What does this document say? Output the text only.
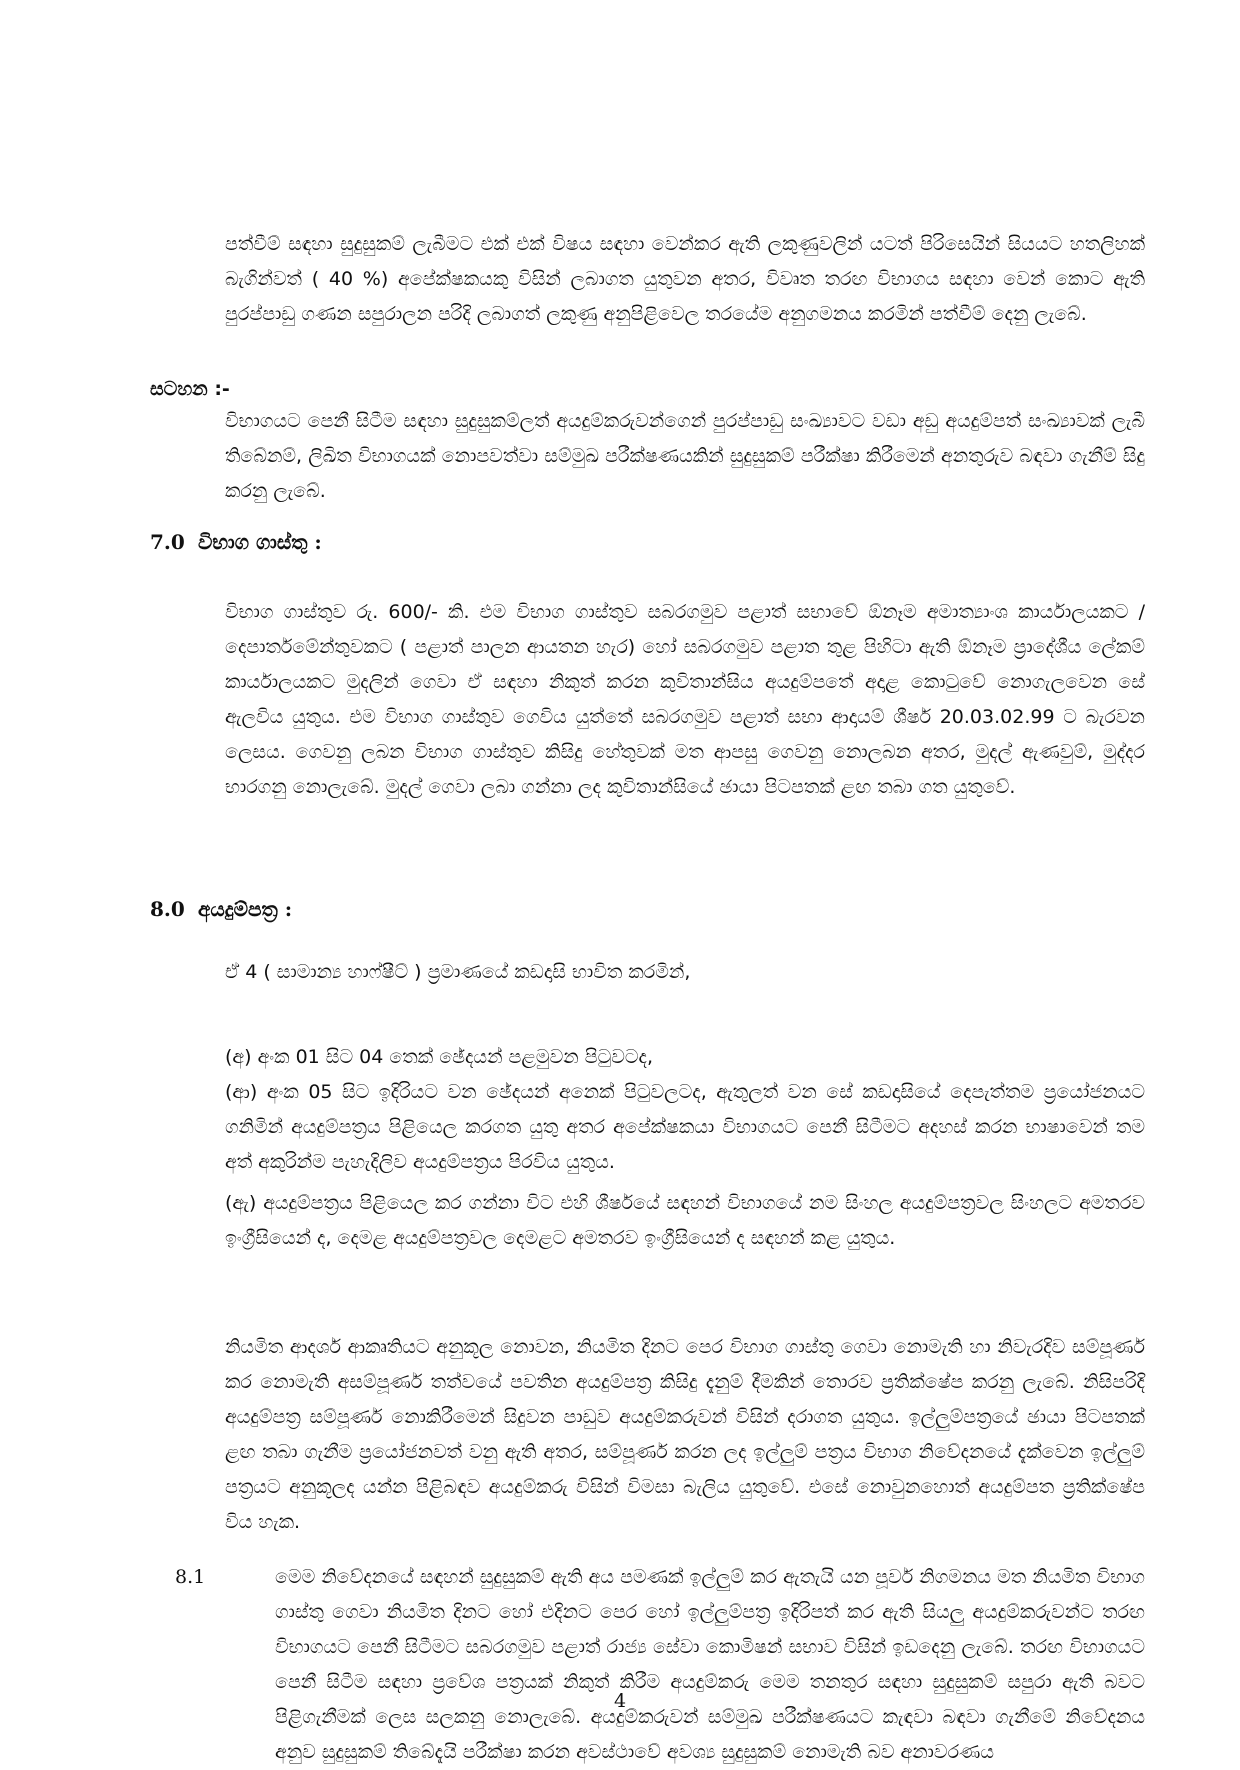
පත්වීම් සඳහා සුදුසුකම් ලැබීමට එක් එක් විෂය සඳහා වෙන්කර ඇති ලකුණුවලින් යටත් පිරිසෙයින් සියයට හතලිහක් බැගින්වත් ( 40 %) අපේක්ෂකයකු විසින් ලබාගත යුතුවන අතර, විවෘත තරඟ විභාගය සඳහා වෙන් කොට ඇති පුරප්පාඩු ගණන සපුරාලන පරිදි ලබාගත් ලකුණු අනුපිළිවෙල තරයේම අනුගමනය කරමින් පත්වීම් දෙනු ලැබේ.

සටහන :-

විභාගයට පෙනී සිටීම සඳහා සුදුසුකම්ලත් අයදුම්කරුවන්ගෙන් පුරප්පාඩු සංඛ්‍යාවට වඩා අඩු අයදුම්පත් සංඛ්‍යාවක් ලැබී තිබේනම්, ලිඛිත විභාගයක් නොපවත්වා සම්මුඛ පරීක්ෂණයකින් සුදුසුකම් පරීක්ෂා කිරීමෙන් අනතුරුව බඳවා ගැනීම් සිදු කරනු ලැබේ.

7.0 විභාග ගාස්තු :

විභාග ගාස්තුව රු. 600/- කි. එම විභාග ගාස්තුව සබරගමුව පළාත් සභාවේ ඕනෑම අමාත්‍යාංශ කාර්යාලයකට / දෙපාර්තමේන්තුවකට ( පළාත් පාලන ආයතන හැර) හෝ සබරගමුව පළාත තුළ පිහිටා ඇති ඕනෑම ප්‍රාදේශීය ලේකම් කාර්යාලයකට මුදලින් ගෙවා ඒ සඳහා නිකුත් කරන කුවිතාන්සිය අයදුම්පතේ අදාළ කොටුවේ නොගැලවෙන සේ ඇලවිය යුතුය. එම විභාග ගාස්තුව ගෙවිය යුත්තේ සබරගමුව පළාත් සභා ආදායම් ශීර්ෂ 20.03.02.99 ට බැරවන ලෙසය. ගෙවනු ලබන විභාග ගාස්තුව කිසිදු හේතුවක් මත ආපසු ගෙවනු නොලබන අතර, මුදල් ඇණවුම්, මුද්දර භාරගනු නොලැබේ. මුදල් ගෙවා ලබා ගන්නා ලද කුවිතාන්සියේ ඡායා පිටපතක් ළඟ තබා ගත යුතුවේ.

8.0 අයදුම්පත්‍ර :

ඒ 4 ( සාමාන්‍ය හාෆ්ෂීට් ) ප්‍රමාණයේ කඩදාසි භාවිත කරමින්,

(අ) අංක 01 සිට 04 තෙක් ඡේදයන් පළමුවන පිටුවටද,

(ආ) අංක 05 සිට ඉදිරියට වන ඡේදයන් අනෙක් පිටුවලටද, ඇතුලත් වන සේ කඩදාසියේ දෙපැත්තම ප්‍රයෝජනයට ගනිමින් අයදුම්පත්‍රය පිළියෙල කරගත යුතු අතර අපේක්ෂකයා විභාගයට පෙනී සිටීමට අදහස් කරන භාෂාවෙන් තම අත් අකුරින්ම පැහැදිලිව අයදුම්පත්‍රය පිරවිය යුතුය.

(ඇ) අයදුම්පත්‍රය පිළියෙල කර ගන්නා විට එහි ශීර්ෂයේ සඳහන් විභාගයේ නම සිංහල අයදුම්පත්‍රවල සිංහලට අමතරව ඉංග්‍රීසියෙන් ද, දෙමළ අයදුම්පත්‍රවල දෙමළට අමතරව ඉංග්‍රීසියෙන් ද සඳහන් කළ යුතුය.

නියමිත ආදර්ශ ආකෘතියට අනුකූල නොවන, නියමිත දිනට පෙර විභාග ගාස්තු ගෙවා නොමැති හා නිවැරදිව සම්පූර්ණ කර නොමැති අසම්පූර්ණ තත්වයේ පවතින අයදුම්පත්‍ර කිසිදු දැනුම් දීමකින් තොරව ප්‍රතික්ෂේප කරනු ලැබේ. නිසිපරිදි අයදුම්පත්‍ර සම්පූර්ණ නොකිරීමෙන් සිදුවන පාඩුව අයදුම්කරුවන් විසින් දරාගත යුතුය. ඉල්ලුම්පත්‍රයේ ඡායා පිටපතක් ළඟ තබා ගැනීම ප්‍රයෝජනවත් වනු ඇති අතර, සම්පූර්ණ කරන ලද ඉල්ලුම් පත්‍රය විභාග නිවේදනයේ දැක්වෙන ඉල්ලුම් පත්‍රයට අනුකූලද යන්න පිළිබඳව අයදුම්කරු විසින් විමසා බැලිය යුතුවේ. එසේ නොවුනහොත් අයදුම්පත ප්‍රතික්ෂේප විය හැක.

8.1	මෙම නිවේදනයේ සඳහන් සුදුසුකම් ඇති අය පමණක් ඉල්ලුම් කර ඇතැයි යන පූර්ව නිගමනය මත නියමිත විභාග ගාස්තු ගෙවා නියමිත දිනට හෝ එදිනට පෙර හෝ ඉල්ලුම්පත්‍ර ඉදිරිපත් කර ඇති සියලු අයදුම්කරුවන්ට තරඟ විභාගයට පෙනී සිටීමට සබරගමුව පළාත් රාජ්‍ය සේවා කොමිෂන් සභාව විසින් ඉඩදෙනු ලැබේ. තරඟ විභාගයට පෙනී සිටීම සඳහා ප්‍රවේශ පත්‍රයක් නිකුත් කිරීම අයදුම්කරු මෙම තනතුර සඳහා සුදුසුකම් සපුරා ඇති බවට පිළිගැනීමක් ලෙස සලකනු නොලැබේ. අයදුම්කරුවන් සම්මුඛ පරීක්ෂණයට කැඳවා බඳවා ගැනීමේ නිවේදනය අනුව සුදුසුකම් තිබේදැයි පරීක්ෂා කරන අවස්ථාවේ අවශ්‍ය සුදුසුකම් නොමැති බව අනාවරණය
4
